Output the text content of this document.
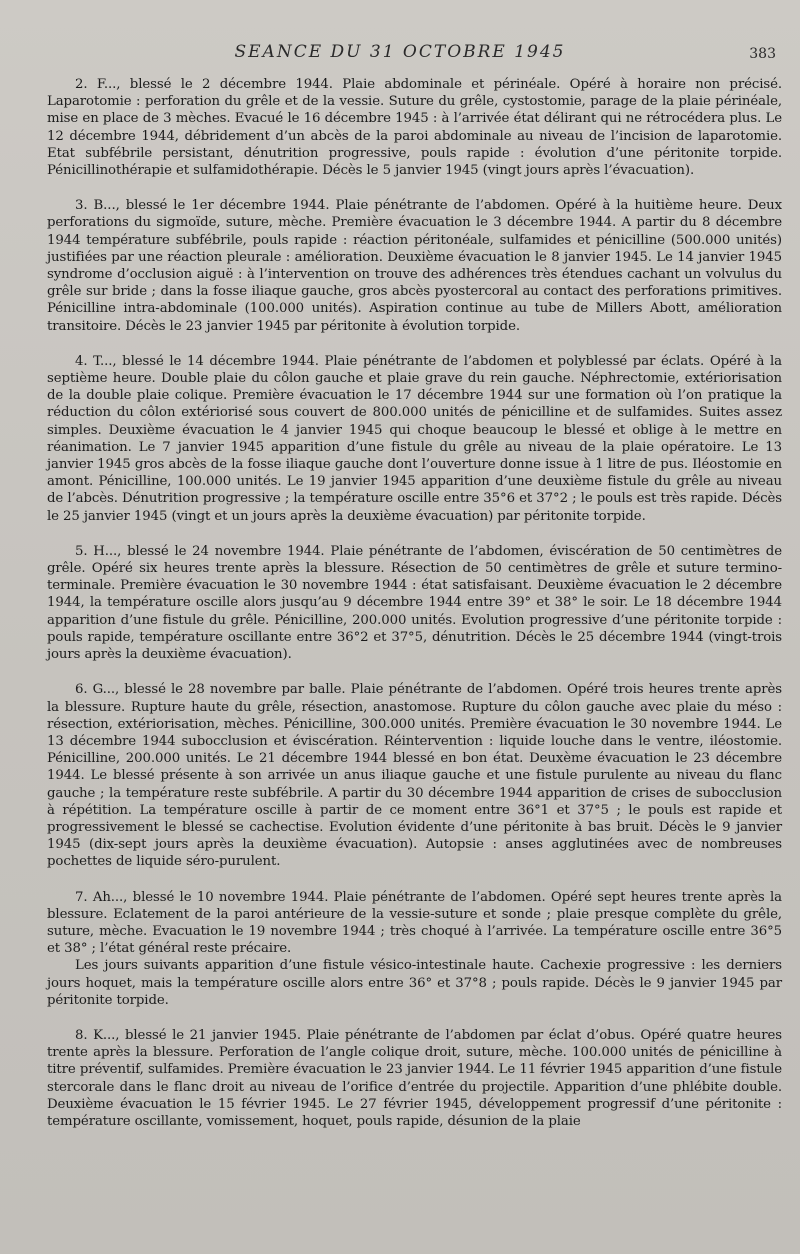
SEANCE DU 31 OCTOBRE 1945	383

2. F..., blessé le 2 décembre 1944. Plaie abdominale et périnéale. Opéré à horaire non précisé. Laparotomie : perforation du grêle et de la vessie. Suture du grêle, cystostomie, parage de la plaie périnéale, mise en place de 3 mèches. Evacué le 16 décembre 1945 : à l’arrivée état délirant qui ne rétrocédera plus. Le 12 décembre 1944, débridement d’un abcès de la paroi abdominale au niveau de l’incision de laparotomie. Etat subfébrile persistant, dénutrition progressive, pouls rapide : évolution d’une péritonite torpide. Pénicillinothérapie et sulfamidothérapie. Décès le 5 janvier 1945 (vingt jours après l’évacuation).

3. B..., blessé le 1er décembre 1944. Plaie pénétrante de l’abdomen. Opéré à la huitième heure. Deux perforations du sigmoïde, suture, mèche. Première évacuation le 3 décembre 1944. A partir du 8 décembre 1944 température subfébrile, pouls rapide : réaction péritonéale, sulfamides et pénicilline (500.000 unités) justifiées par une réaction pleurale : amélioration. Deuxième évacuation le 8 janvier 1945. Le 14 janvier 1945 syndrome d’occlusion aiguë : à l’intervention on trouve des adhérences très étendues cachant un volvulus du grêle sur bride ; dans la fosse iliaque gauche, gros abcès pyostercoral au contact des perforations primitives. Pénicilline intra-abdominale (100.000 unités). Aspiration continue au tube de Millers Abott, amélioration transitoire. Décès le 23 janvier 1945 par péritonite à évolution torpide.

4. T..., blessé le 14 décembre 1944. Plaie pénétrante de l’abdomen et polyblessé par éclats. Opéré à la septième heure. Double plaie du côlon gauche et plaie grave du rein gauche. Néphrectomie, extériorisation de la double plaie colique. Première évacuation le 17 décembre 1944 sur une formation où l’on pratique la réduction du côlon extériorisé sous couvert de 800.000 unités de pénicilline et de sulfamides. Suites assez simples. Deuxième évacuation le 4 janvier 1945 qui choque beaucoup le blessé et oblige à le mettre en réanimation. Le 7 janvier 1945 apparition d’une fistule du grêle au niveau de la plaie opératoire. Le 13 janvier 1945 gros abcès de la fosse iliaque gauche dont l’ouverture donne issue à 1 litre de pus. Iléostomie en amont. Pénicilline, 100.000 unités. Le 19 janvier 1945 apparition d’une deuxième fistule du grêle au niveau de l’abcès. Dénutrition progressive ; la température oscille entre 35°6 et 37°2 ; le pouls est très rapide. Décès le 25 janvier 1945 (vingt et un jours après la deuxième évacuation) par péritonite torpide.

5. H..., blessé le 24 novembre 1944. Plaie pénétrante de l’abdomen, éviscération de 50 centimètres de grêle. Opéré six heures trente après la blessure. Résection de 50 centimètres de grêle et suture termino-terminale. Première évacuation le 30 novembre 1944 : état satisfaisant. Deuxième évacuation le 2 décembre 1944, la température oscille alors jusqu’au 9 décembre 1944 entre 39° et 38° le soir. Le 18 décembre 1944 apparition d’une fistule du grêle. Pénicilline, 200.000 unités. Evolution progressive d’une péritonite torpide : pouls rapide, température oscillante entre 36°2 et 37°5, dénutrition. Décès le 25 décembre 1944 (vingt-trois jours après la deuxième évacuation).

6. G..., blessé le 28 novembre par balle. Plaie pénétrante de l’abdomen. Opéré trois heures trente après la blessure. Rupture haute du grêle, résection, anastomose. Rupture du côlon gauche avec plaie du méso : résection, extériorisation, mèches. Pénicilline, 300.000 unités. Première évacuation le 30 novembre 1944. Le 13 décembre 1944 subocclusion et éviscération. Réintervention : liquide louche dans le ventre, iléostomie. Pénicilline, 200.000 unités. Le 21 décembre 1944 blessé en bon état. Deuxème évacuation le 23 décembre 1944. Le blessé présente à son arrivée un anus iliaque gauche et une fistule purulente au niveau du flanc gauche ; la température reste subfébrile. A partir du 30 décembre 1944 apparition de crises de subocclusion à répétition. La température oscille à partir de ce moment entre 36°1 et 37°5 ; le pouls est rapide et progressivement le blessé se cachectise. Evolution évidente d’une péritonite à bas bruit. Décès le 9 janvier 1945 (dix-sept jours après la deuxième évacuation). Autopsie : anses agglutinées avec de nombreuses pochettes de liquide séro-purulent.

7. Ah..., blessé le 10 novembre 1944. Plaie pénétrante de l’abdomen. Opéré sept heures trente après la blessure. Eclatement de la paroi antérieure de la vessie-suture et sonde ; plaie presque complète du grêle, suture, mèche. Evacuation le 19 novembre 1944 ; très choqué à l’arrivée. La température oscille entre 36°5 et 38° ; l’état général reste précaire.

Les jours suivants apparition d’une fistule vésico-intestinale haute. Cachexie progressive : les derniers jours hoquet, mais la température oscille alors entre 36° et 37°8 ; pouls rapide. Décès le 9 janvier 1945 par péritonite torpide.

8. K..., blessé le 21 janvier 1945. Plaie pénétrante de l’abdomen par éclat d’obus. Opéré quatre heures trente après la blessure. Perforation de l’angle colique droit, suture, mèche. 100.000 unités de pénicilline à titre préventif, sulfamides. Première évacuation le 23 janvier 1944. Le 11 février 1945 apparition d’une fistule stercorale dans le flanc droit au niveau de l’orifice d’entrée du projectile. Apparition d’une phlébite double. Deuxième évacuation le 15 février 1945. Le 27 février 1945, développement progressif d’une péritonite : température oscillante, vomissement, hoquet, pouls rapide, désunion de la plaie
